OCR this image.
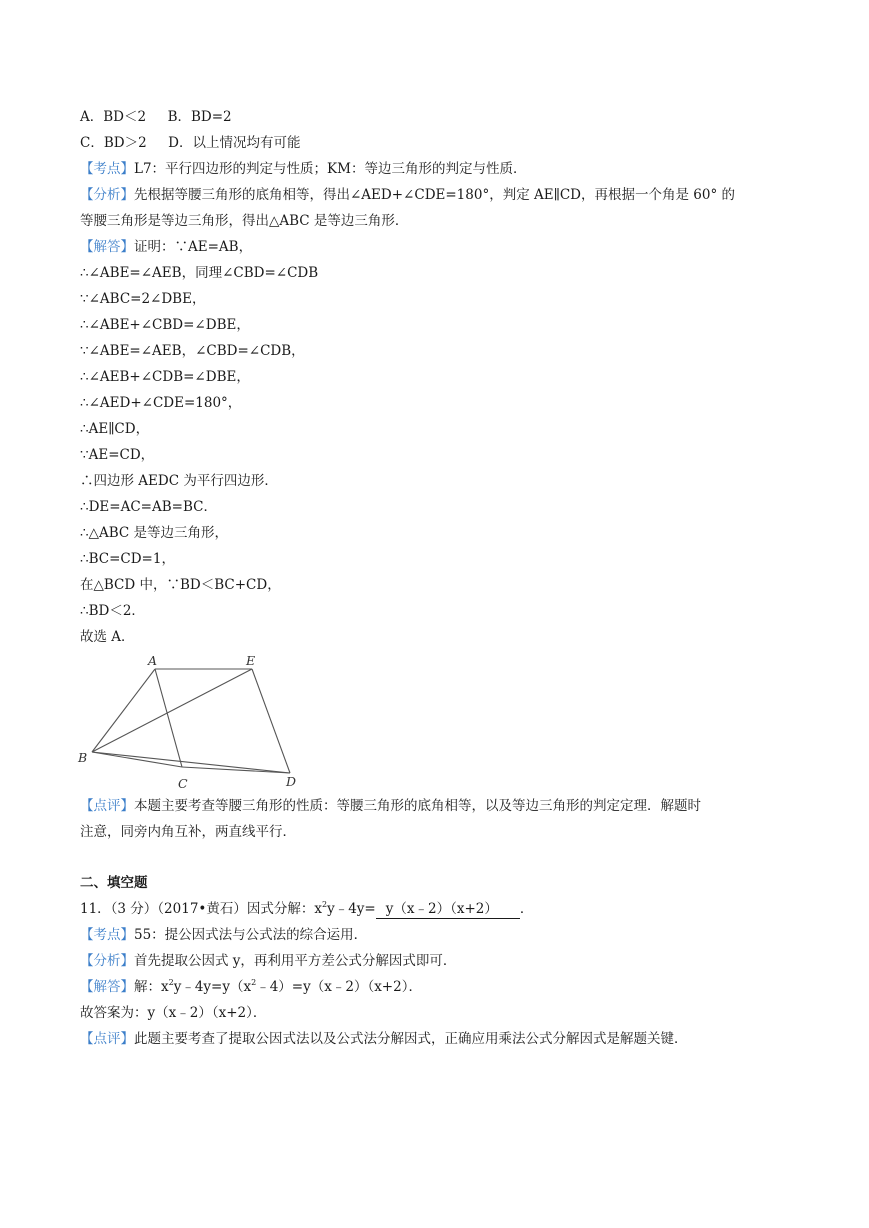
A．BD＜2 B．BD=2
C．BD＞2 D．以上情况均有可能
【考点】L7：平行四边形的判定与性质；KM：等边三角形的判定与性质．
【分析】先根据等腰三角形的底角相等，得出∠AED+∠CDE=180°，判定 AE∥CD，再根据一个角是 60° 的
等腰三角形是等边三角形，得出△ABC 是等边三角形．
【解答】证明：∵AE=AB，
∴∠ABE=∠AEB，同理∠CBD=∠CDB
∵∠ABC=2∠DBE，
∴∠ABE+∠CBD=∠DBE，
∵∠ABE=∠AEB，∠CBD=∠CDB，
∴∠AEB+∠CDB=∠DBE，
∴∠AED+∠CDE=180°，
∴AE∥CD，
∵AE=CD，
∴四边形 AEDC 为平行四边形．
∴DE=AC=AB=BC．
∴△ABC 是等边三角形，
∴BC=CD=1，
在△BCD 中，∵BD＜BC+CD，
∴BD＜2．
故选 A．
A	E
B
C	D
【点评】本题主要考查等腰三角形的性质：等腰三角形的底角相等，以及等边三角形的判定定理．解题时
注意，同旁内角互补，两直线平行．
二、填空题
11．（3 分）（2017•黄石）因式分解：$x^2y﹣4y=$ y（x﹣2）（x+2） ．
【考点】55：提公因式法与公式法的综合运用．
【分析】首先提取公因式 y，再利用平方差公式分解因式即可．
【解答】解：$x^2y﹣4y=y(x^2﹣4)=y(x﹣2)(x+2)$．
故答案为：y（x﹣2）（x+2）．
【点评】此题主要考查了提取公因式法以及公式法分解因式，正确应用乘法公式分解因式是解题关键．
